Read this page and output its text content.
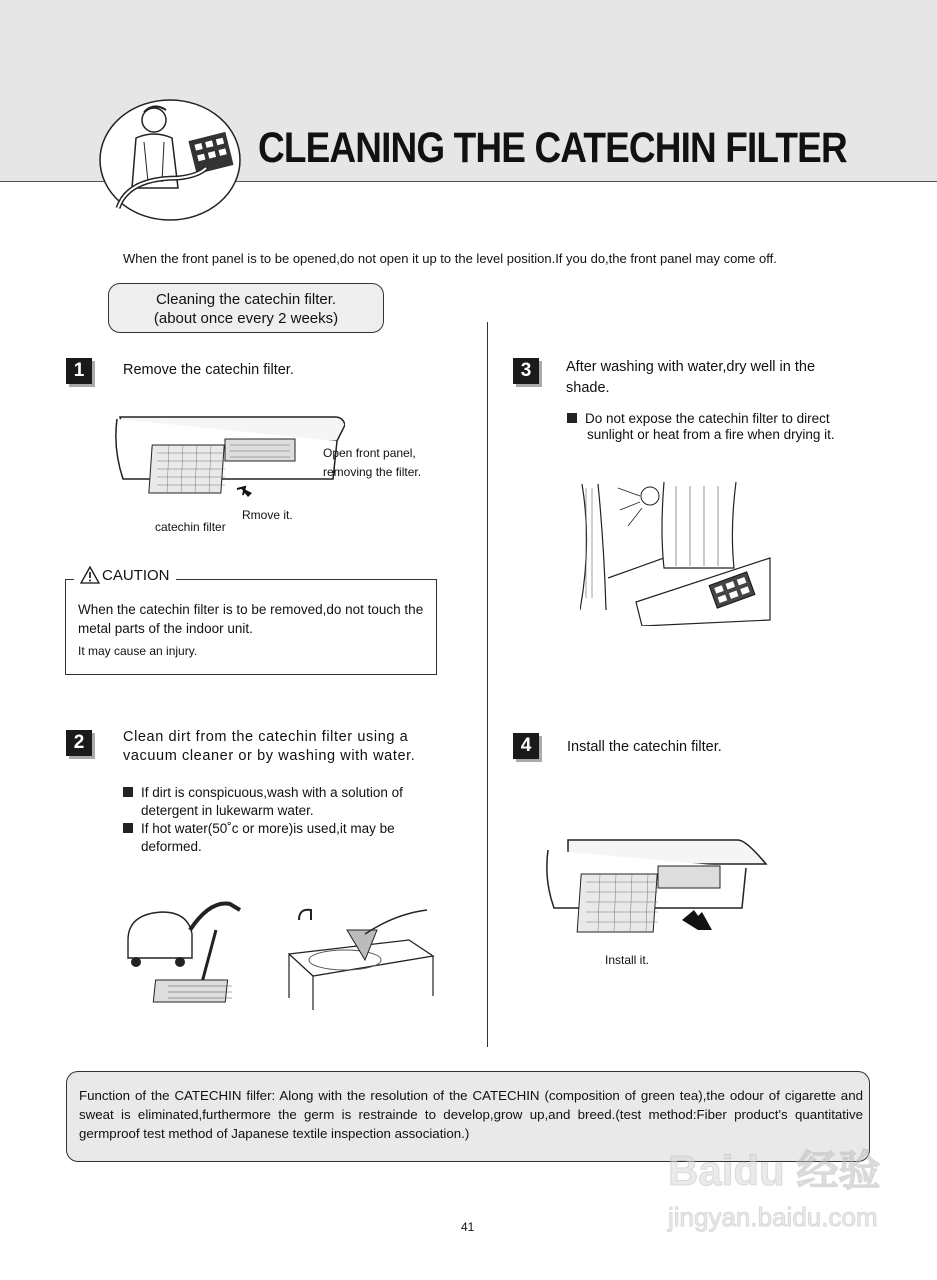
CLEANING THE CATECHIN FILTER
When the front panel is to be opened,do not open it up to the level position.If you do,the front panel may come off.
Cleaning the catechin filter.
(about once every 2 weeks)
1	Remove the catechin filter.
Open front panel,
removing the filter.
Rmove it.
catechin filter
CAUTION
When the catechin filter is to be removed,do not touch the
metal parts of the indoor unit.
It may cause an injury.
2	Clean dirt from the catechin filter using a
vacuum cleaner or by washing with water.
If dirt is conspicuous,wash with a solution of
detergent in lukewarm water.
If hot water(50˚c or more)is used,it may be
deformed.
3	After washing with water,dry well in the
shade.
Do not expose the catechin filter to direct
sunlight or heat from a fire when drying it.
4	Install the catechin filter.
Install it.
Function of the CATECHIN filfer: Along with the resolution of the CATECHIN (composition of green tea),the odour of cigarette and sweat is eliminated,furthermore the germ is restrainde to develop,grow up,and breed.(test method:Fiber product's quantitative germproof test method of Japanese textile inspection association.)
41
Baidu 经验
jingyan.baidu.com
